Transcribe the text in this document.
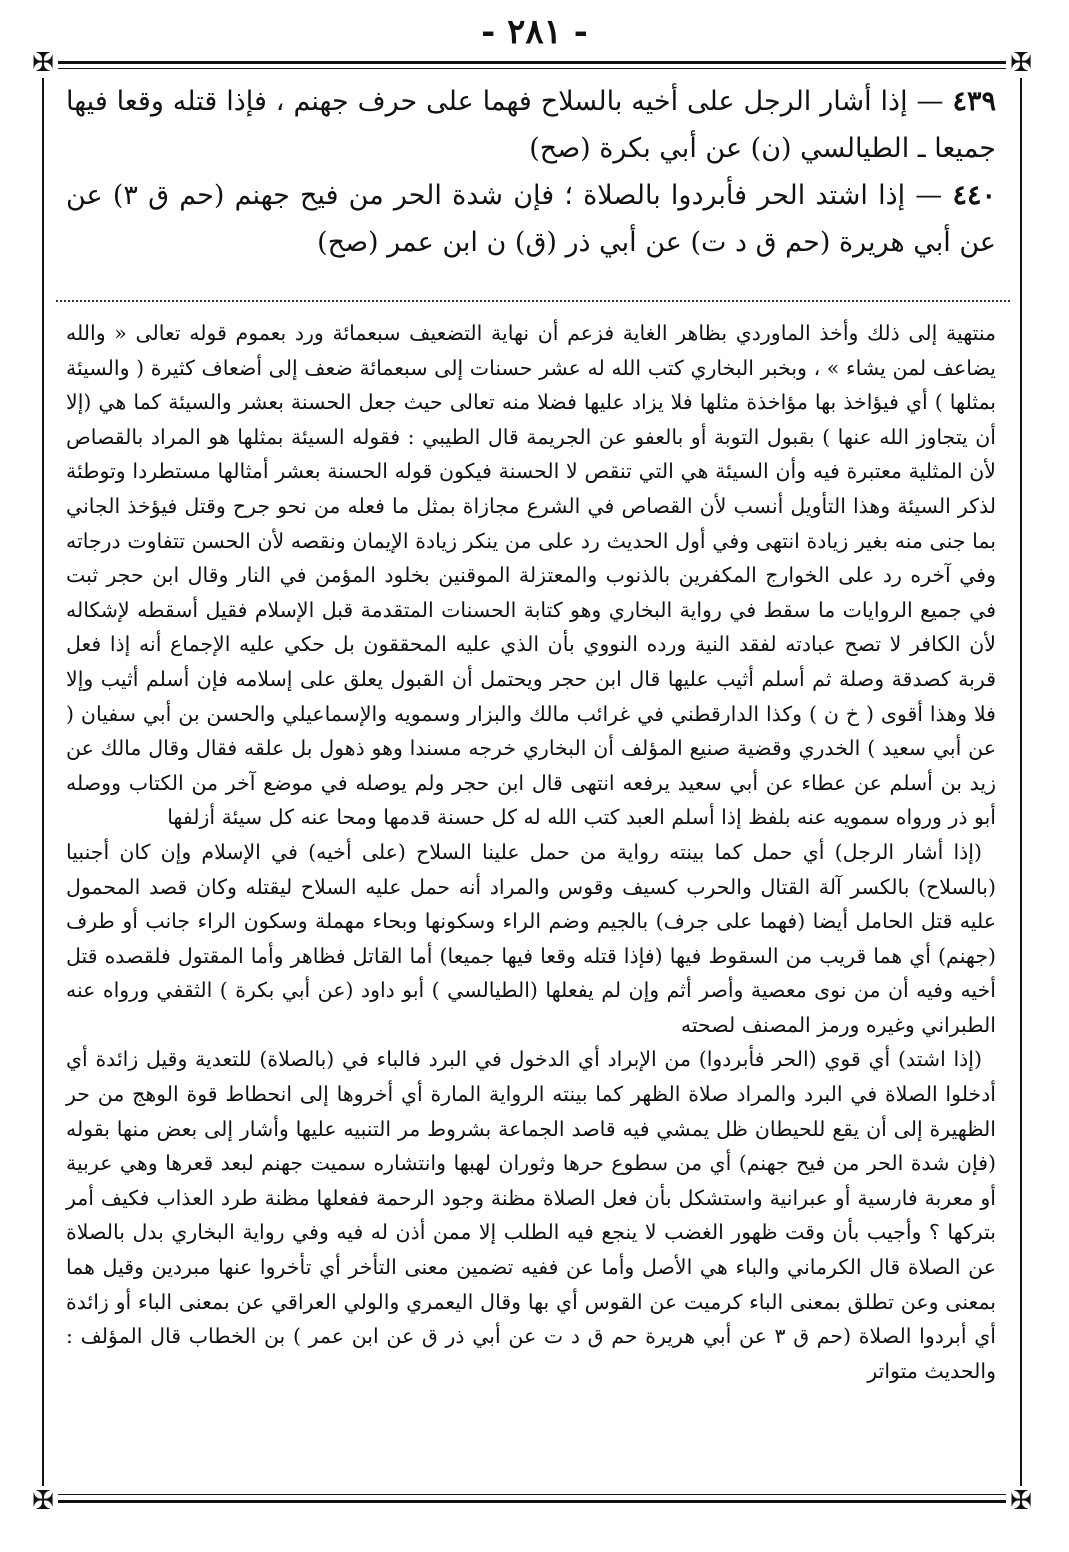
- ٢٨١ -
✠	✠
✠	✠

٤٣٩ — إذا أشار الرجل على أخيه بالسلاح فهما على حرف جهنم ، فإذا قتله وقعا فيها جميعا ـ الطيالسي (ن) عن أبي بكرة (صح)

٤٤٠ — إذا اشتد الحر فأبردوا بالصلاة ؛ فإن شدة الحر من فيح جهنم (حم ق ٣) عن عن أبي هريرة (حم ق د ت) عن أبي ذر (ق) ن ابن عمر (صح)

منتهية إلى ذلك وأخذ الماوردي بظاهر الغاية فزعم أن نهاية التضعيف سبعمائة ورد بعموم قوله تعالى « والله يضاعف لمن يشاء » ، وبخبر البخاري كتب الله له عشر حسنات إلى سبعمائة ضعف إلى أضعاف كثيرة ( والسيئة بمثلها ) أي فيؤاخذ بها مؤاخذة مثلها فلا يزاد عليها فضلا منه تعالى حيث جعل الحسنة بعشر والسيئة كما هي (إلا أن يتجاوز الله عنها ) بقبول التوبة أو بالعفو عن الجريمة قال الطيبي : فقوله السيئة بمثلها هو المراد بالقصاص لأن المثلية معتبرة فيه وأن السيئة هي التي تنقص لا الحسنة فيكون قوله الحسنة بعشر أمثالها مستطردا وتوطئة لذكر السيئة وهذا التأويل أنسب لأن القصاص في الشرع مجازاة بمثل ما فعله من نحو جرح وقتل فيؤخذ الجاني بما جنى منه بغير زيادة انتهى وفي أول الحديث رد على من ينكر زيادة الإيمان ونقصه لأن الحسن تتفاوت درجاته وفي آخره رد على الخوارج المكفرين بالذنوب والمعتزلة الموقنين بخلود المؤمن في النار وقال ابن حجر ثبت في جميع الروايات ما سقط في رواية البخاري وهو كتابة الحسنات المتقدمة قبل الإسلام فقيل أسقطه لإشكاله لأن الكافر لا تصح عبادته لفقد النية ورده النووي بأن الذي عليه المحققون بل حكي عليه الإجماع أنه إذا فعل قربة كصدقة وصلة ثم أسلم أثيب عليها قال ابن حجر ويحتمل أن القبول يعلق على إسلامه فإن أسلم أثيب وإلا فلا وهذا أقوى ( خ ن ) وكذا الدارقطني في غرائب مالك والبزار وسمويه والإسماعيلي والحسن بن أبي سفيان ( عن أبي سعيد ) الخدري وقضية صنيع المؤلف أن البخاري خرجه مسندا وهو ذهول بل علقه فقال وقال مالك عن زيد بن أسلم عن عطاء عن أبي سعيد يرفعه انتهى قال ابن حجر ولم يوصله في موضع آخر من الكتاب ووصله أبو ذر ورواه سمويه عنه بلفظ إذا أسلم العبد كتب الله له كل حسنة قدمها ومحا عنه كل سيئة أزلفها

(إذا أشار الرجل) أي حمل كما بينته رواية من حمل علينا السلاح (على أخيه) في الإسلام وإن كان أجنبيا (بالسلاح) بالكسر آلة القتال والحرب كسيف وقوس والمراد أنه حمل عليه السلاح ليقتله وكان قصد المحمول عليه قتل الحامل أيضا (فهما على جرف) بالجيم وضم الراء وسكونها وبحاء مهملة وسكون الراء جانب أو طرف (جهنم) أي هما قريب من السقوط فيها (فإذا قتله وقعا فيها جميعا) أما القاتل فظاهر وأما المقتول فلقصده قتل أخيه وفيه أن من نوى معصية وأصر أثم وإن لم يفعلها (الطيالسي ) أبو داود (عن أبي بكرة ) الثقفي ورواه عنه الطبراني وغيره ورمز المصنف لصحته

(إذا اشتد) أي قوي (الحر فأبردوا) من الإبراد أي الدخول في البرد فالباء في (بالصلاة) للتعدية وقيل زائدة أي أدخلوا الصلاة في البرد والمراد صلاة الظهر كما بينته الرواية المارة أي أخروها إلى انحطاط قوة الوهج من حر الظهيرة إلى أن يقع للحيطان ظل يمشي فيه قاصد الجماعة بشروط مر التنبيه عليها وأشار إلى بعض منها بقوله (فإن شدة الحر من فيح جهنم) أي من سطوع حرها وثوران لهبها وانتشاره سميت جهنم لبعد قعرها وهي عربية أو معربة فارسية أو عبرانية واستشكل بأن فعل الصلاة مظنة وجود الرحمة ففعلها مظنة طرد العذاب فكيف أمر بتركها ؟ وأجيب بأن وقت ظهور الغضب لا ينجع فيه الطلب إلا ممن أذن له فيه وفي رواية البخاري بدل بالصلاة عن الصلاة قال الكرماني والباء هي الأصل وأما عن ففيه تضمين معنى التأخر أي تأخروا عنها مبردين وقيل هما بمعنى وعن تطلق بمعنى الباء كرميت عن القوس أي بها وقال اليعمري والولي العراقي عن بمعنى الباء أو زائدة أي أبردوا الصلاة (حم ق ٣ عن أبي هريرة حم ق د ت عن أبي ذر ق عن ابن عمر ) بن الخطاب قال المؤلف : والحديث متواتر
